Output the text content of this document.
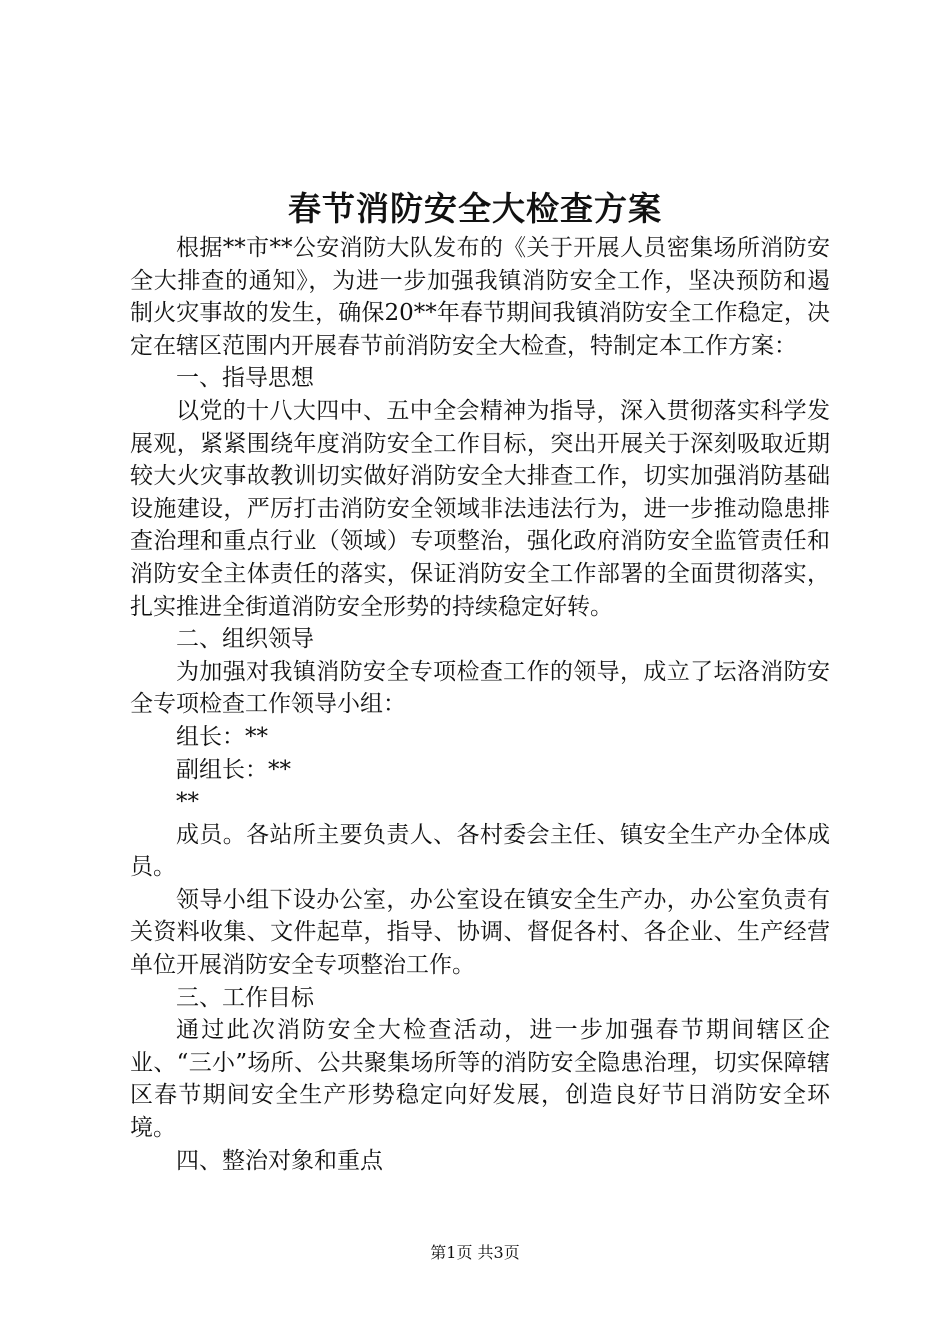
春节消防安全大检查方案

根据**市**公安消防大队发布的《关于开展人员密集场所消防安全大排查的通知》，为进一步加强我镇消防安全工作，坚决预防和遏制火灾事故的发生，确保20**年春节期间我镇消防安全工作稳定，决定在辖区范围内开展春节前消防安全大检查，特制定本工作方案：

一、指导思想

以党的十八大四中、五中全会精神为指导，深入贯彻落实科学发展观，紧紧围绕年度消防安全工作目标，突出开展关于深刻吸取近期较大火灾事故教训切实做好消防安全大排查工作，切实加强消防基础设施建设，严厉打击消防安全领域非法违法行为，进一步推动隐患排查治理和重点行业（领域）专项整治，强化政府消防安全监管责任和消防安全主体责任的落实，保证消防安全工作部署的全面贯彻落实，扎实推进全街道消防安全形势的持续稳定好转。

二、组织领导

为加强对我镇消防安全专项检查工作的领导，成立了坛洛消防安全专项检查工作领导小组：

组长：**

副组长：**

**

成员。各站所主要负责人、各村委会主任、镇安全生产办全体成员。

领导小组下设办公室，办公室设在镇安全生产办，办公室负责有关资料收集、文件起草，指导、协调、督促各村、各企业、生产经营单位开展消防安全专项整治工作。

三、工作目标

通过此次消防安全大检查活动，进一步加强春节期间辖区企业、“三小”场所、公共聚集场所等的消防安全隐患治理，切实保障辖区春节期间安全生产形势稳定向好发展，创造良好节日消防安全环境。

四、整治对象和重点

第1页 共3页
